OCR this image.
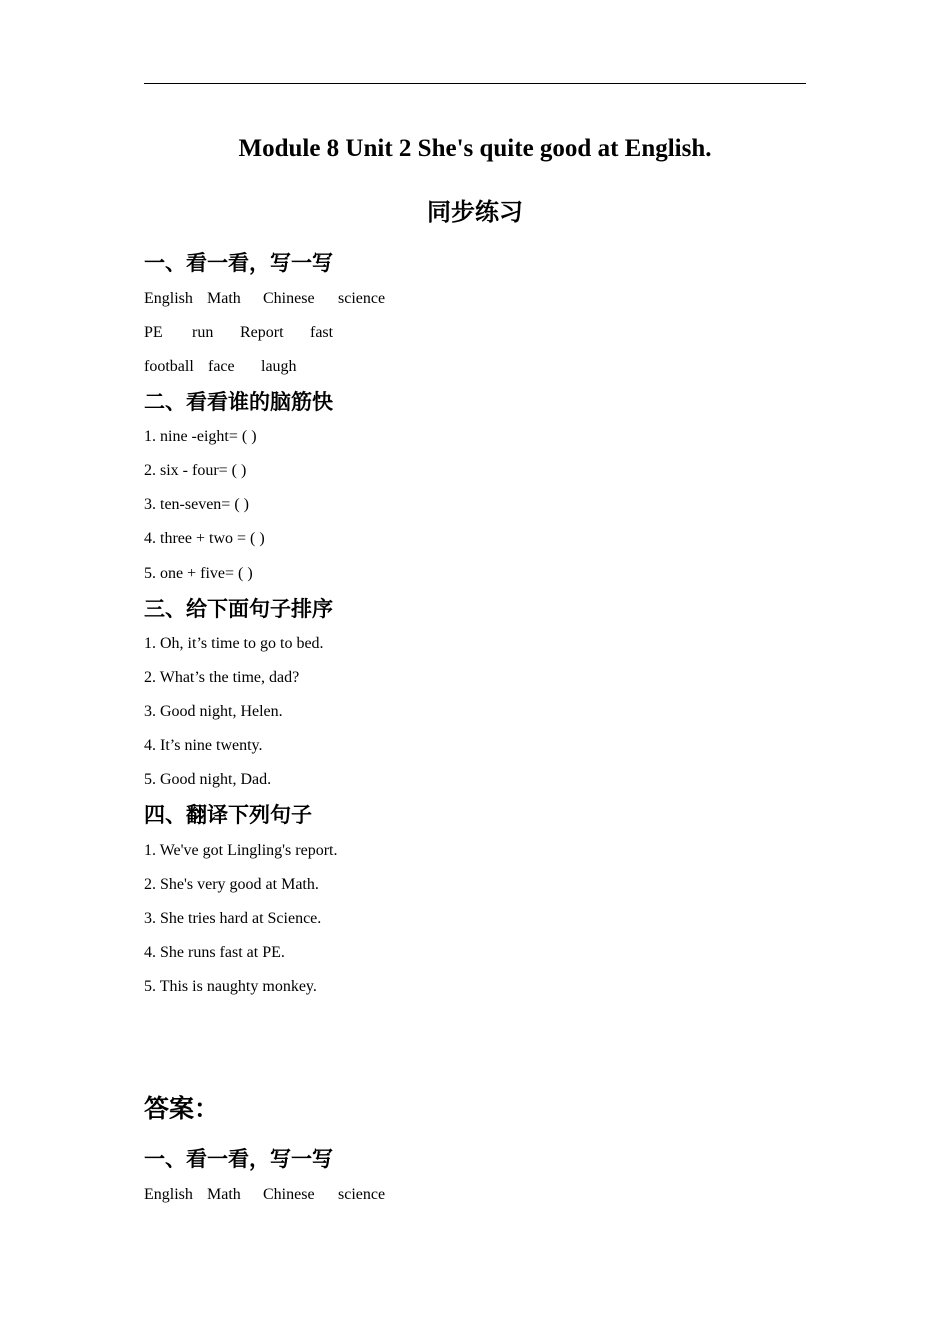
Module 8 Unit 2 She's quite good at English.
同步练习
一、看一看，写一写
English Math Chinese science
PE run Report fast
football face laugh
二、看看谁的脑筋快
1. nine -eight= ( )
2. six - four= ( )
3. ten-seven= ( )
4. three + two = ( )
5. one + five= ( )
三、给下面句子排序
1. Oh, it’s time to go to bed.
2. What’s the time, dad?
3. Good night, Helen.
4. It’s nine twenty.
5. Good night, Dad.
四、翻译下列句子
1. We've got Lingling's report.
2. She's very good at Math.
3. She tries hard at Science.
4. She runs fast at PE.
5. This is naughty monkey.
答案：
一、看一看，写一写
English Math Chinese science
